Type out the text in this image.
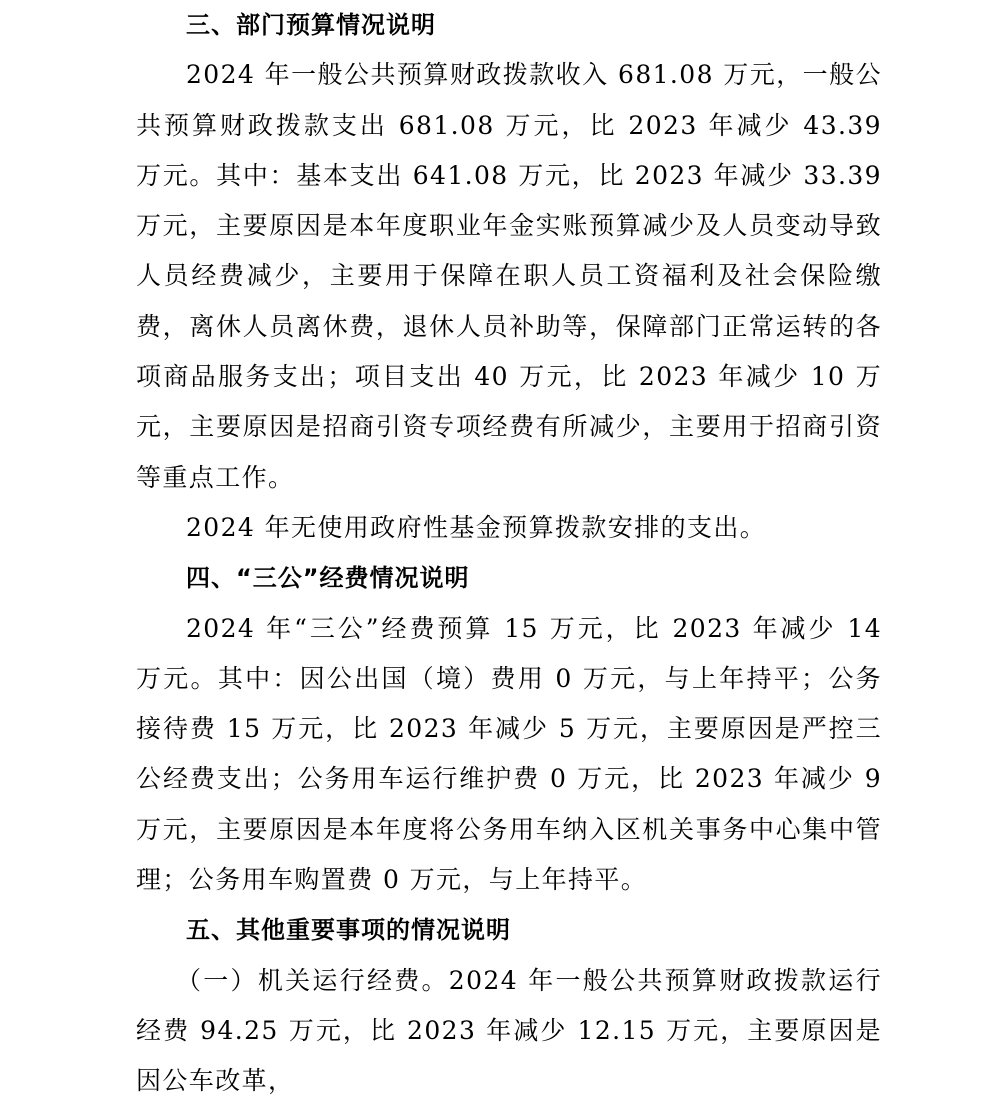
三、部门预算情况说明

2024 年一般公共预算财政拨款收入 681.08 万元，一般公共预算财政拨款支出 681.08 万元，比 2023 年减少 43.39 万元。其中：基本支出 641.08 万元，比 2023 年减少 33.39 万元，主要原因是本年度职业年金实账预算减少及人员变动导致人员经费减少，主要用于保障在职人员工资福利及社会保险缴费，离休人员离休费，退休人员补助等，保障部门正常运转的各项商品服务支出；项目支出 40 万元，比 2023 年减少 10 万元，主要原因是招商引资专项经费有所减少，主要用于招商引资等重点工作。

2024 年无使用政府性基金预算拨款安排的支出。

四、“三公”经费情况说明

2024 年“三公”经费预算 15 万元，比 2023 年减少 14 万元。其中：因公出国（境）费用 0 万元，与上年持平；公务接待费 15 万元，比 2023 年减少 5 万元，主要原因是严控三公经费支出；公务用车运行维护费 0 万元，比 2023 年减少 9 万元，主要原因是本年度将公务用车纳入区机关事务中心集中管理；公务用车购置费 0 万元，与上年持平。

五、其他重要事项的情况说明

（一）机关运行经费。2024 年一般公共预算财政拨款运行经费 94.25 万元，比 2023 年减少 12.15 万元，主要原因是因公车改革，
